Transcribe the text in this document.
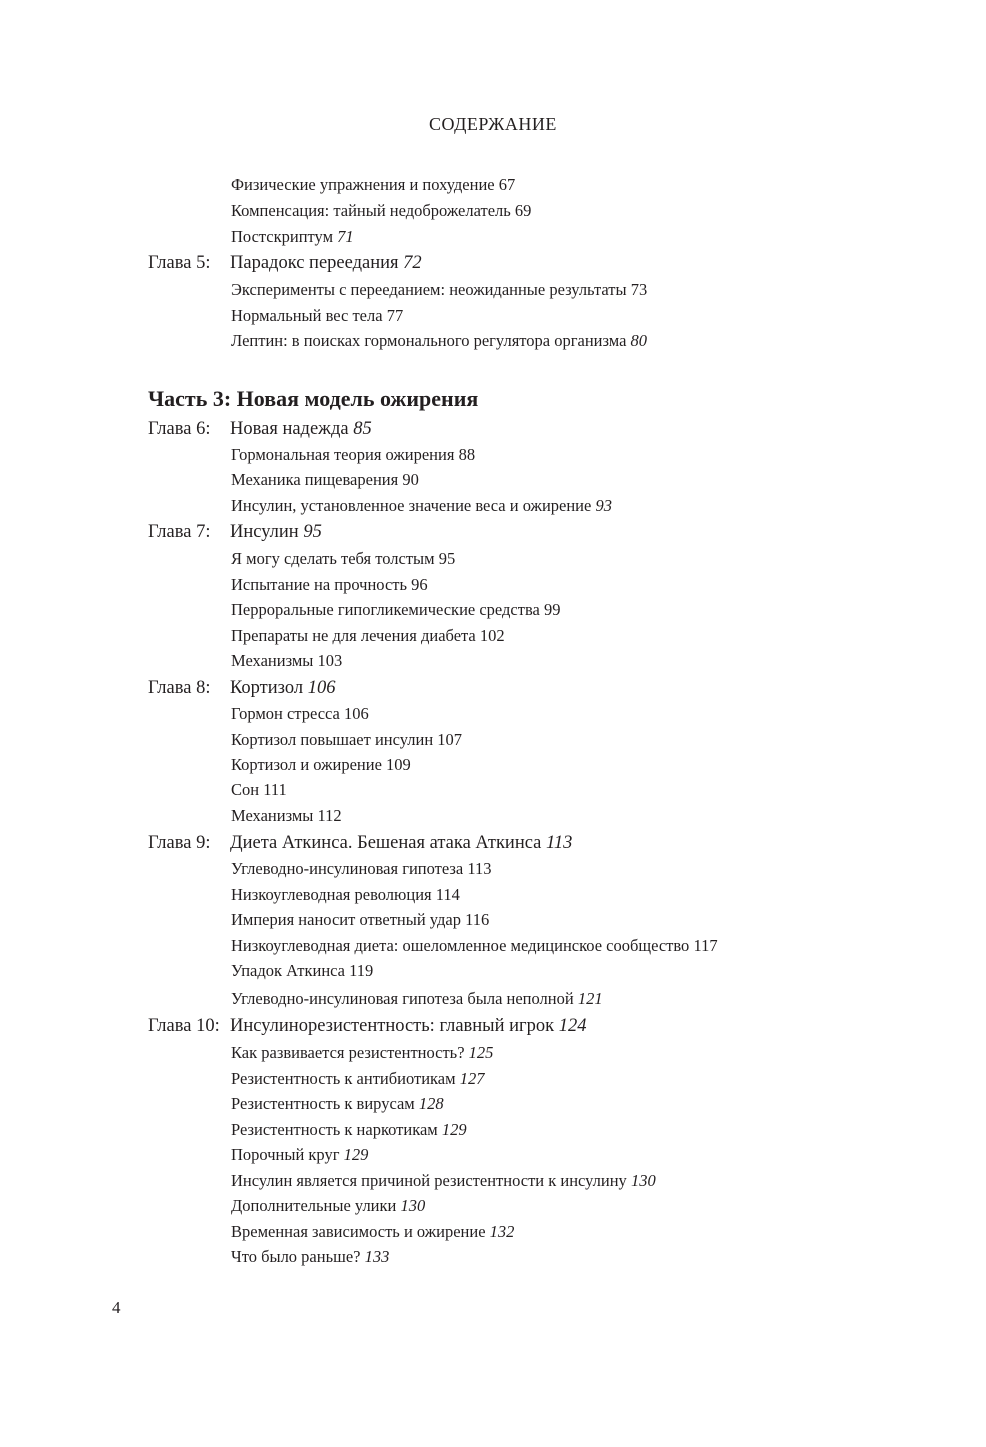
СОДЕРЖАНИЕ
Физические упражнения и похудение 67
Компенсация: тайный недоброжелатель 69
Постскриптум 71
Глава 5: Парадокс переедания 72
Эксперименты с перееданием: неожиданные результаты 73
Нормальный вес тела 77
Лептин: в поисках гормонального регулятора организма 80
Часть 3: Новая модель ожирения
Глава 6: Новая надежда 85
Гормональная теория ожирения 88
Механика пищеварения 90
Инсулин, установленное значение веса и ожирение 93
Глава 7: Инсулин 95
Я могу сделать тебя толстым 95
Испытание на прочность 96
Перроральные гипогликемические средства 99
Препараты не для лечения диабета 102
Механизмы 103
Глава 8: Кортизол 106
Гормон стресса 106
Кортизол повышает инсулин 107
Кортизол и ожирение 109
Сон 111
Механизмы 112
Глава 9: Диета Аткинса. Бешеная атака Аткинса 113
Углеводно-инсулиновая гипотеза 113
Низкоуглеводная революция 114
Империя наносит ответный удар 116
Низкоуглеводная диета: ошеломленное медицинское сообщество 117
Упадок Аткинса 119
Углеводно-инсулиновая гипотеза была неполной 121
Глава 10: Инсулинорезистентность: главный игрок 124
Как развивается резистентность? 125
Резистентность к антибиотикам 127
Резистентность к вирусам 128
Резистентность к наркотикам 129
Порочный круг 129
Инсулин является причиной резистентности к инсулину 130
Дополнительные улики 130
Временная зависимость и ожирение 132
Что было раньше? 133
4
